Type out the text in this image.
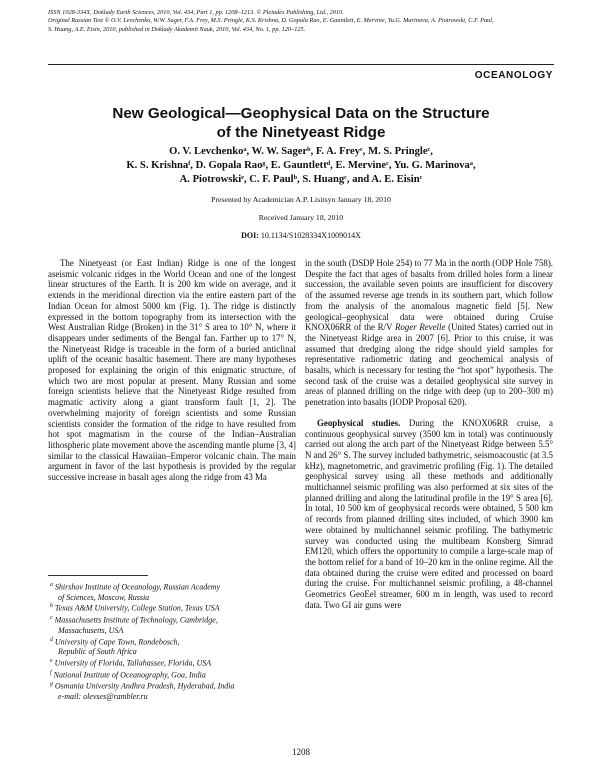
ISSN 1028-334X, Doklady Earth Sciences, 2010, Vol. 434, Part 1, pp. 1208–1213. © Pleiades Publishing, Ltd., 2010.
Original Russian Text © O.V. Levchenko, W.W. Sager, F.A. Frey, M.S. Pringle, K.S. Krishna, D. Gopala Rao, E. Gauntlett, E. Mervine, Yu.G. Marinova, A. Piotrowski, C.F. Paul,
S. Huang, A.E. Eisin, 2010, published in Doklady Akademii Nauk, 2010, Vol. 434, No. 1, pp. 120–125.
OCEANOLOGY
New Geological—Geophysical Data on the Structure
of the Ninetyeast Ridge
O. V. Levchenkoᵃ, W. W. Sagerᵇ, F. A. Freyᶜ, M. S. Pringleᶜ,
K. S. Krishnaᶠ, D. Gopala Raoᵍ, E. Gauntlettᵈ, E. Mervineᶜ, Yu. G. Marinovaᵃ,
A. Piotrowskiᵉ, C. F. Paulᵇ, S. Huangᶜ, and A. E. Eisinᶜ
Presented by Academician A.P. Lisitsyn January 18, 2010
Received January 18, 2010
DOI: 10.1134/S1028334X1009014X

The Ninetyeast (or East Indian) Ridge is one of the longest aseismic volcanic ridges in the World Ocean and one of the longest linear structures of the Earth. It is 200 km wide on average, and it extends in the meridional direction via the entire eastern part of the Indian Ocean for almost 5000 km (Fig. 1). The ridge is distinctly expressed in the bottom topography from its intersection with the West Australian Ridge (Broken) in the 31° S area to 10° N, where it disappears under sediments of the Bengal fan. Farther up to 17° N, the Ninetyeast Ridge is traceable in the form of a buried anticlinal uplift of the oceanic basaltic basement. There are many hypotheses proposed for explaining the origin of this enigmatic structure, of which two are most popular at present. Many Russian and some foreign scientists believe that the Ninetyeast Ridge resulted from magmatic activity along a giant transform fault [1, 2]. The overwhelming majority of foreign scientists and some Russian scientists consider the formation of the ridge to have resulted from hot spot magmatism in the course of the Indian–Australian lithospheric plate movement above the ascending mantle plume [3, 4] similar to the classical Hawaiian–Emperor volcanic chain. The main argument in favor of the last hypothesis is provided by the regular successive increase in basalt ages along the ridge from 43 Ma

in the south (DSDP Hole 254) to 77 Ma in the north (ODP Hole 758). Despite the fact that ages of basalts from drilled holes form a linear succession, the available seven points are insufficient for discovery of the assumed reverse age trends in its southern part, which follow from the analysis of the anomalous magnetic field [5]. New geological–geophysical data were obtained during Cruise KNOX06RR of the R/V Roger Revelle (United States) carried out in the Ninetyeast Ridge area in 2007 [6]. Prior to this cruise, it was assumed that dredging along the ridge should yield samples for representative radiometric dating and geochemical analysis of basalts, which is necessary for testing the “hot spot” hypothesis. The second task of the cruise was a detailed geophysical site survey in areas of planned drilling on the ridge with deep (up to 200–300 m) penetration into basalts (IODP Proposal 620).

Geophysical studies. During the KNOX06RR cruise, a continuous geophysical survey (3500 km in total) was continuously carried out along the arch part of the Ninetyeast Ridge between 5.5° N and 26° S. The survey included bathymetric, seismoacoustic (at 3.5 kHz), magnetometric, and gravimetric profiling (Fig. 1). The detailed geophysical survey using all these methods and additionally multichannel seismic profiling was also performed at six sites of the planned drilling and along the latitudinal profile in the 19° S area [6]. In total, 10 500 km of geophysical records were obtained, 5 500 km of records from planned drilling sites included, of which 3900 km were obtained by multichannel seismic profiling. The bathymetric survey was conducted using the multibeam Konsberg Simrad EM120, which offers the opportunity to compile a large-scale map of the bottom relief for a band of 10–20 km in the online regime. All the data obtained during the cruise were edited and processed on board during the cruise. For multichannel seismic profiling, a 48-channel Geometrics GeoEel streamer, 600 m in length, was used to record data. Two GI air guns were

$^a$ Shirshov Institute of Oceanology, Russian Academy
of Sciences, Moscow, Russia
$^b$ Texas A&M University, College Station, Texas USA
$^c$ Massachusetts Institute of Technology, Cambridge,
Massachusetts, USA
$^d$ University of Cape Town, Rondebosch,
Republic of South Africa
$^e$ University of Florida, Tallahassee, Florida, USA
$^f$ National Institute of Oceanography, Goa, India
$^g$ Osmania University Andhra Pradesh, Hyderabad, India
e-mail: olevses@rambler.ru
1208
